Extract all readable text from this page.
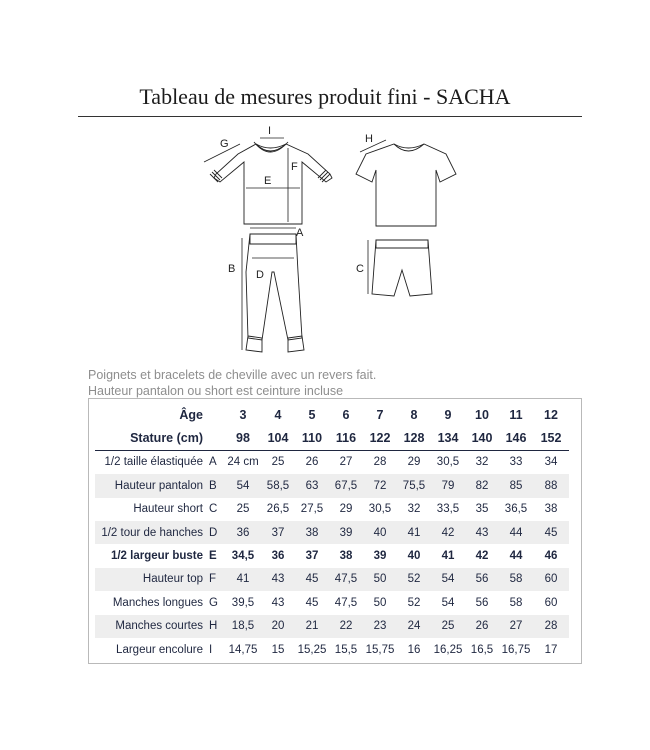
Tableau de mesures produit fini - SACHA
G
I
F
E
H
A
B D	C
Poignets et bracelets de cheville avec un revers fait.
Hauteur pantalon ou short est ceinture incluse
Âge		3	4	5	6	7	8	9	10	11	12
Stature (cm)		98	104	110	116	122	128	134	140	146	152
1/2 taille élastiquée	A	24 cm	25	26	27	28	29	30,5	32	33	34
Hauteur pantalon	B	54	58,5	63	67,5	72	75,5	79	82	85	88
Hauteur short	C	25	26,5	27,5	29	30,5	32	33,5	35	36,5	38
1/2 tour de hanches	D	36	37	38	39	40	41	42	43	44	45
1/2 largeur buste	E	34,5	36	37	38	39	40	41	42	44	46
Hauteur top	F	41	43	45	47,5	50	52	54	56	58	60
Manches longues	G	39,5	43	45	47,5	50	52	54	56	58	60
Manches courtes	H	18,5	20	21	22	23	24	25	26	27	28
Largeur encolure	I	14,75	15	15,25	15,5	15,75	16	16,25	16,5	16,75	17
